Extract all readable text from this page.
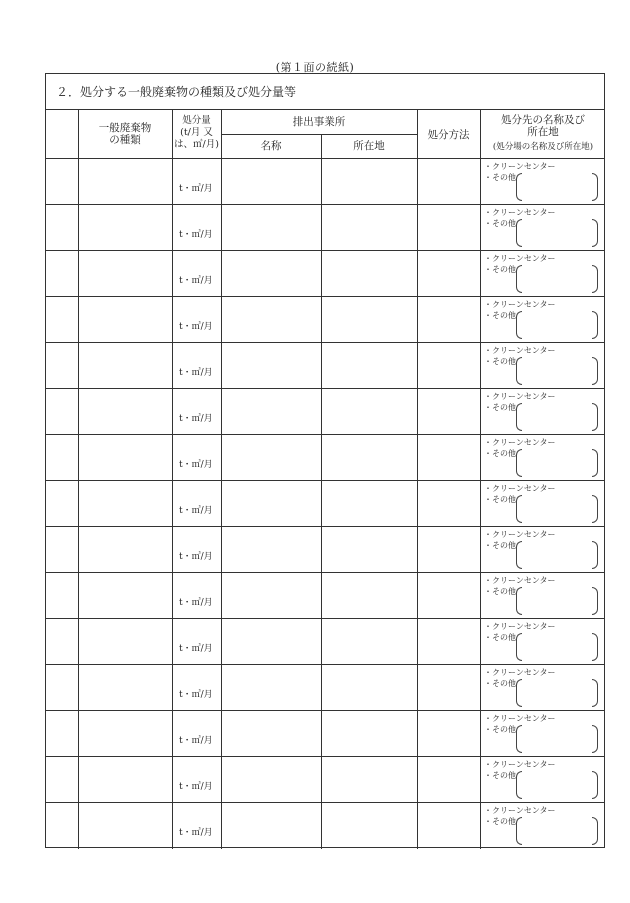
(第１面の続紙)
２．処分する一般廃棄物の種類及び処分量等
一般廃棄物
の種類
処分量
(t/月 又
は、㎥/月)
排出事業所
名称	所在地
処分方法
処分先の名称及び
所在地
(処分場の名称及び所在地)
t・㎥/月
・クリーンセンター
・その他
t・㎥/月
・クリーンセンター
・その他
t・㎥/月
・クリーンセンター
・その他
t・㎥/月
・クリーンセンター
・その他
t・㎥/月
・クリーンセンター
・その他
t・㎥/月
・クリーンセンター
・その他
t・㎥/月
・クリーンセンター
・その他
t・㎥/月
・クリーンセンター
・その他
t・㎥/月
・クリーンセンター
・その他
t・㎥/月
・クリーンセンター
・その他
t・㎥/月
・クリーンセンター
・その他
t・㎥/月
・クリーンセンター
・その他
t・㎥/月
・クリーンセンター
・その他
t・㎥/月
・クリーンセンター
・その他
t・㎥/月
・クリーンセンター
・その他
